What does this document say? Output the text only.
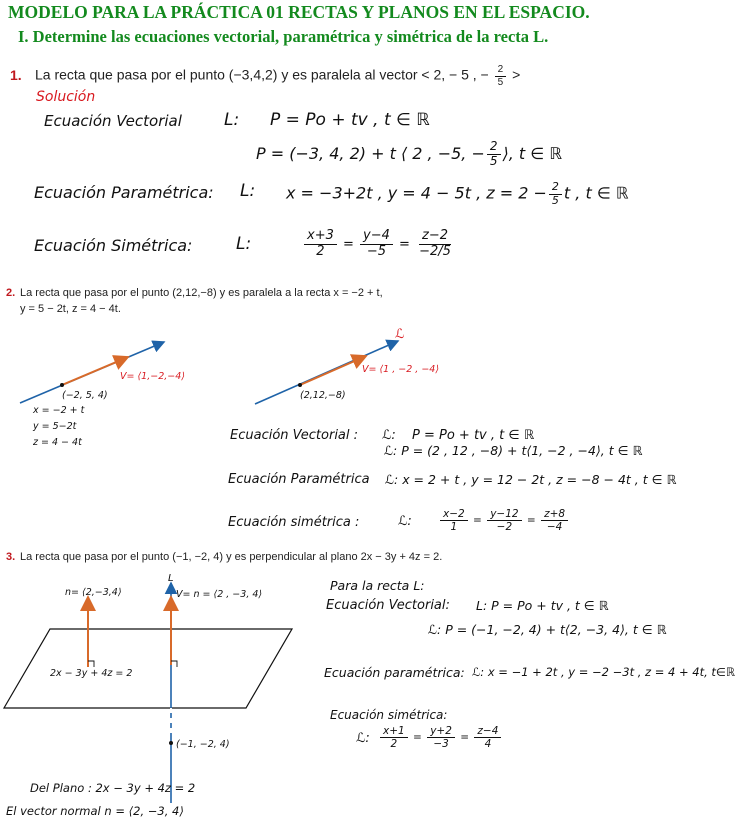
MODELO PARA LA PRÁCTICA 01 RECTAS Y PLANOS EN EL ESPACIO.
I. Determine las ecuaciones vectorial, paramétrica y simétrica de la recta L.
1. La recta que pasa por el punto (−3,4,2) y es paralela al vector < 2, − 5 , − $\frac{2}{5}$ >
Solución
Ecuación Vectorial L: P = Po + tv , t ∈ ℝ
P = (−3, 4, 2) + t ⟨ 2 , −5, − $\frac{2}{5}$ ⟩, t ∈ ℝ
Ecuación Paramétrica: L: x = −3+2t , y = 4 − 5t , $z = 2 - \frac{2}{5}$ t , t ∈ ℝ
Ecuación Simétrica:	L:	$\frac{x+3}{2} = \frac{y-4}{-5} = \frac{z-2}{-2/5}$
2. La recta que pasa por el punto (2,12,−8) y es paralela a la recta x = −2 + t,
y = 5 − 2t, z = 4 − 4t.
V= ⟨1,−2,−4⟩
(−2, 5, 4)
x = −2 + t
y = 5−2t
z = 4 − 4t
ℒ
V= ⟨1 , −2 , −4⟩
(2,12,−8)
n= ⟨2,−3,4⟩
L
V= n = ⟨2 , −3, 4⟩
2x − 3y + 4z = 2
(−1, −2, 4)
Ecuación Vectorial : ℒ: P = Po + tv , t ∈ ℝ
ℒ: P = (2 , 12 , −8) + t⟨1, −2 , −4⟩, t ∈ ℝ
Ecuación Paramétrica ℒ: x = 2 + t , y = 12 − 2t , z = −8 − 4t , t ∈ ℝ
Ecuación simétrica :	ℒ:	$\frac{x-2}{1} = \frac{y-12}{-2} = \frac{z+8}{-4}$
3. La recta que pasa por el punto (−1, −2, 4) y es perpendicular al plano 2x − 3y + 4z = 2.
Del Plano : 2x − 3y + 4z = 2
El vector normal n = ⟨2, −3, 4⟩
Para la recta L:
Ecuación Vectorial: L: P = Po + tv , t ∈ ℝ
ℒ: P = (−1, −2, 4) + t⟨2, −3, 4⟩, t ∈ ℝ
Ecuación paramétrica: ℒ: x = −1 + 2t , y = −2 −3t , z = 4 + 4t, t∈ℝ
Ecuación simétrica:
ℒ: $\frac{x+1}{2} = \frac{y+2}{-3} = \frac{z-4}{4}$
